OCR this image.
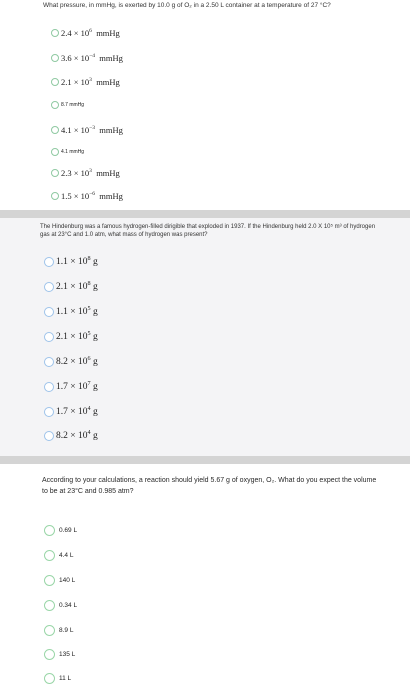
What pressure, in mmHg, is exerted by 10.0 g of O₂ in a 2.50 L container at a temperature of 27 °C?
$2.4 \times 10^6$ mmHg
$3.6 \times 10^{-4}$ mmHg
$2.1 \times 10^3$ mmHg
8.7 mmHg
$4.1 \times 10^{-3}$ mmHg
4.1 mmHg
$2.3 \times 10^3$ mmHg
$1.5 \times 10^{-6}$ mmHg
The Hindenburg was a famous hydrogen-filled dirigible that exploded in 1937. If the Hindenburg held 2.0 X 10⁵ m³ of hydrogen gas at 23°C and 1.0 atm, what mass of hydrogen was present?
$1.1 \times 10^8$ g
$2.1 \times 10^8$ g
$1.1 \times 10^5$ g
$2.1 \times 10^5$ g
$8.2 \times 10^6$ g
$1.7 \times 10^7$ g
$1.7 \times 10^4$ g
$8.2 \times 10^4$ g
According to your calculations, a reaction should yield 5.67 g of oxygen, O₂. What do you expect the volume to be at 23°C and 0.985 atm?
0.69 L
4.4 L
140 L
0.34 L
8.9 L
135 L
11 L
